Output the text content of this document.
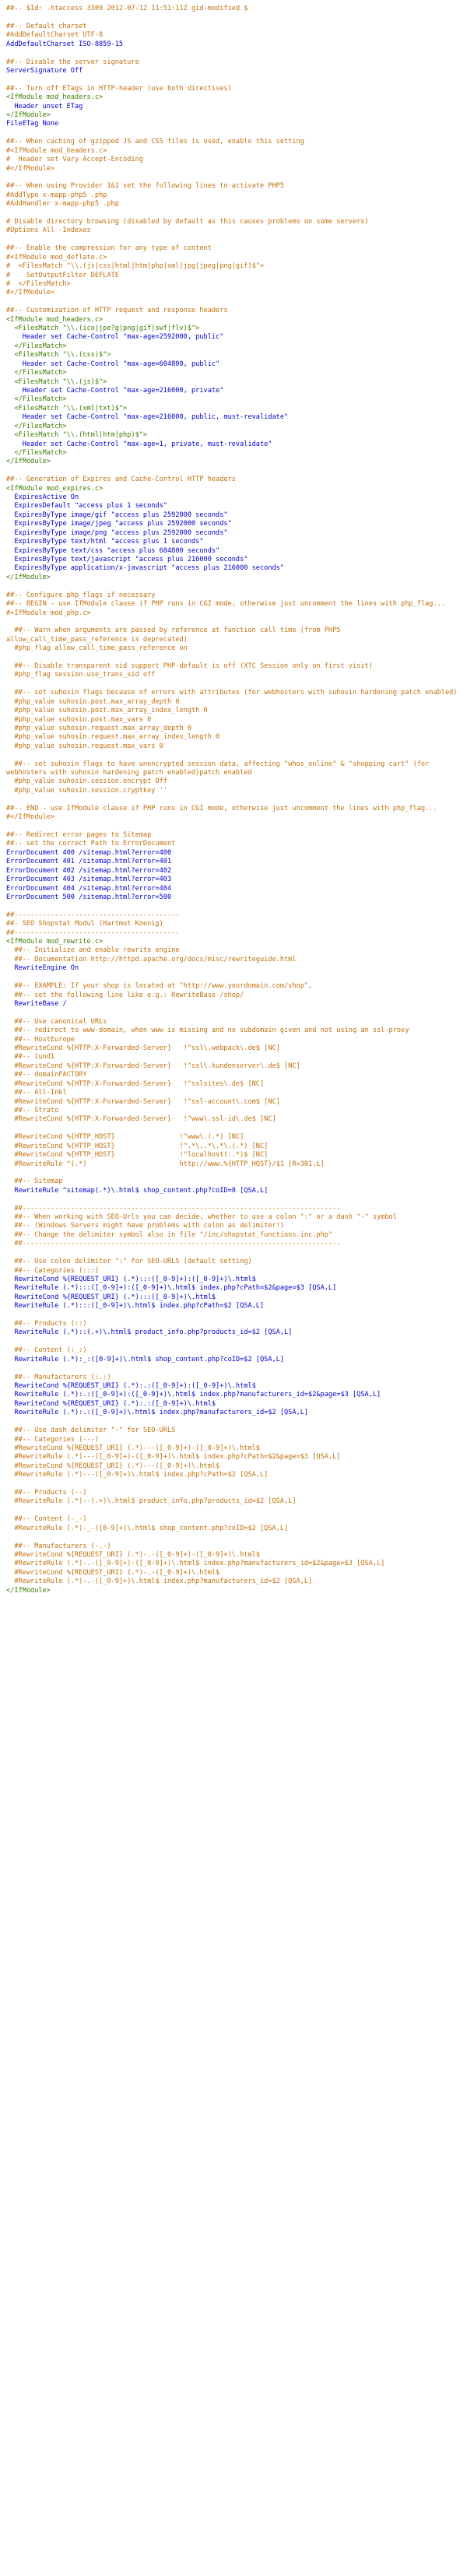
##-- $Id: .htaccess 3309 2012-07-12 11:51:11Z gid-modified $
##-- Default charset
#AddDefaultCharset UTF-8
AddDefaultCharset ISO-8859-15
##-- Disable the server signature
ServerSignature Off
##-- Turn off ETags in HTTP-header (use both directives)
<IfModule mod_headers.c>
Header unset ETag
</IfModule>
FileETag None
##-- When caching of gzipped JS and CSS files is used, enable this setting
#<IfModule mod_headers.c>
#  Header set Vary Accept-Encoding
#</IfModule>
##-- When using Provider 1&1 set the following lines to activate PHP5
#AddType x-mapp-php5 .php
#AddHandler x-mapp-php5 .php
# Disable directory browsing (disabled by default as this causes problems on some servers)
#Options All -Indexes
##-- Enable the compression for any type of content
#<IfModule mod_deflate.c>
#  <FilesMatch "\\.(js|css|html|htm|php|xml|jpg|jpeg|png|gif)$">
#    SetOutputFilter DEFLATE
#  </FilesMatch>
#</IfModule>
##-- Customization of HTTP request and response headers
<IfModule mod_headers.c>
<FilesMatch "\\.(ico|jpe?g|png|gif|swf|flv)$">
Header set Cache-Control "max-age=2592000, public"
</FilesMatch>
<FilesMatch "\\.(css)$">
Header set Cache-Control "max-age=604800, public"
</FilesMatch>
<FilesMatch "\\.(js)$">
Header set Cache-Control "max-age=216000, private"
</FilesMatch>
<FilesMatch "\\.(xml|txt)$">
Header set Cache-Control "max-age=216000, public, must-revalidate"
</FilesMatch>
<FilesMatch "\\.(html|htm|php)$">
Header set Cache-Control "max-age=1, private, must-revalidate"
</FilesMatch>
</IfModule>
##-- Generation of Expires and Cache-Control HTTP headers
<IfModule mod_expires.c>
ExpiresActive On
ExpiresDefault "access plus 1 seconds"
ExpiresByType image/gif "access plus 2592000 seconds"
ExpiresByType image/jpeg "access plus 2592000 seconds"
ExpiresByType image/png "access plus 2592000 seconds"
ExpiresByType text/html "access plus 1 seconds"
ExpiresByType text/css "access plus 604800 seconds"
ExpiresByType text/javascript "access plus 216000 seconds"
ExpiresByType application/x-javascript "access plus 216000 seconds"
</IfModule>
##-- Configure php_flags if necessary
##-- BEGIN - use IfModule clause if PHP runs in CGI mode, otherwise just uncomment the lines with php_flag...
#<IfModule mod_php.c>
##-- Warn when arguments are passed by reference at function call time (from PHP5 allow_call_time_pass_reference is deprecated)
#php_flag allow_call_time_pass_reference on
##-- Disable transparent sid support PHP-default is off (XTC Session only on first visit)
#php_flag session.use_trans_sid off
##-- set suhosin flags because of errors with attributes (for webhosters with suhosin hardening patch enabled)
#php_value suhosin.post.max_array_depth 0
#php_value suhosin.post.max_array_index_length 0
#php_value suhosin.post.max_vars 0
#php_value suhosin.request.max_array_depth 0
#php_value suhosin.request.max_array_index_length 0
#php_value suhosin.request.max_vars 0
##-- set suhosin flags to have unencrypted session data, affecting "whos_online" & "shopping cart" (for webhosters with suhosin hardening patch enabled)patch enabled
#php_value suhosin.session.encrypt Off
#php_value suhosin.session.cryptkey ''
##-- END - use IfModule clause if PHP runs in CGI mode, otherwise just uncomment the lines with php_flag...
#</IfModule>
##-- Redirect error pages to Sitemap
##-- set the correct Path to ErrorDocument
ErrorDocument 400 /sitemap.html?error=400
ErrorDocument 401 /sitemap.html?error=401
ErrorDocument 402 /sitemap.html?error=402
ErrorDocument 403 /sitemap.html?error=403
ErrorDocument 404 /sitemap.html?error=404
ErrorDocument 500 /sitemap.html?error=500
##-----------------------------------------
##- SEO Shopstat Modul (Hartmut Koenig)
##-----------------------------------------
<IfModule mod_rewrite.c>
##-- Initialize and enable rewrite engine
##-- Documentation http://httpd.apache.org/docs/misc/rewriteguide.html
RewriteEngine On
##-- EXAMPLE: If your shop is located at "http://www.yourdomain.com/shop",
##-- set the following line like e.g.: RewriteBase /shop/
RewriteBase /
##-- Use canonical URLs
##-- redirect to www-domain, when www is missing and no subdomain given and not using an ssl-proxy
##-- HostEurope
#RewriteCond %{HTTP:X-Forwarded-Server}   !^ssl\.webpack\.de$ [NC]
##-- 1und1
#RewriteCond %{HTTP:X-Forwarded-Server}   !^ssl\.kundenserver\.de$ [NC]
##-- domainFACTORY
#RewriteCond %{HTTP:X-Forwarded-Server}   !^sslsites\.de$ [NC]
##-- All-Inkl
#RewriteCond %{HTTP:X-Forwarded-Server}   !^ssl-account\.com$ [NC]
##-- Strato
#RewriteCond %{HTTP:X-Forwarded-Server}   !^www\.ssl-id\.de$ [NC]
#RewriteCond %{HTTP_HOST}                !^www\.(.*) [NC]
#RewriteCond %{HTTP_HOST}                !^.*\..*\.*\.(.*) [NC]
#RewriteCond %{HTTP_HOST}                !^localhost(:.*)$ [NC]
#RewriteRule ^(.*)                       http://www.%{HTTP_HOST}/$1 [R=301,L]
##-- Sitemap
RewriteRule ^sitemap(.*)\.html$ shop_content.php?coID=8 [QSA,L]
##-------------------------------------------------------------------------------
##-- When working with SEO-Urls you can decide, whether to use a colon ":" or a dash "-" symbol
##-- (Windows Servers might have problems with colon as delimiter!)
##-- Change the delimiter symbol also in file "/inc/shopstat_functions.inc.php"
##-------------------------------------------------------------------------------
##-- Use colon delimiter ":" for SEO-URLS (default setting)
##-- Categories (:::)
RewriteCond %{REQUEST_URI} (.*):::([_0-9]+):([_0-9]+)\.html$
RewriteRule (.*):::([_0-9]+):([_0-9]+)\.html$ index.php?cPath=$2&page=$3 [QSA,L]
RewriteCond %{REQUEST_URI} (.*):::([_0-9]+)\.html$
RewriteRule (.*):::([_0-9]+)\.html$ index.php?cPath=$2 [QSA,L]
##-- Products (::)
RewriteRule (.*)::(.+)\.html$ product_info.php?products_id=$2 [QSA,L]
##-- Content (:_:)
RewriteRule (.*):_:([0-9]+)\.html$ shop_content.php?coID=$2 [QSA,L]
##-- Manufacturers (:.:)
RewriteCond %{REQUEST_URI} (.*):.:([_0-9]+):([_0-9]+)\.html$
RewriteRule (.*):.:([_0-9]+):([_0-9]+)\.html$ index.php?manufacturers_id=$2&page=$3 [QSA,L]
RewriteCond %{REQUEST_URI} (.*):.:([_0-9]+)\.html$
RewriteRule (.*):.:([_0-9]+)\.html$ index.php?manufacturers_id=$2 [QSA,L]
##-- Use dash delimiter "-" for SEO-URLS
##-- Categories (---)
#RewriteCond %{REQUEST_URI} (.*)---([_0-9]+)-([_0-9]+)\.html$
#RewriteRule (.*)---([_0-9]+)-([_0-9]+)\.html$ index.php?cPath=$2&page=$3 [QSA,L]
#RewriteCond %{REQUEST_URI} (.*)---([_0-9]+)\.html$
#RewriteRule (.*)---([_0-9]+)\.html$ index.php?cPath=$2 [QSA,L]
##-- Products (--)
#RewriteRule (.*)--(.+)\.html$ product_info.php?products_id=$2 [QSA,L]
##-- Content (-_-)
#RewriteRule (.*)-_-([0-9]+)\.html$ shop_content.php?coID=$2 [QSA,L]
##-- Manufacturers (-.-)
#RewriteCond %{REQUEST_URI} (.*)-.-([_0-9]+)-([_0-9]+)\.html$
#RewriteRule (.*)-.-([_0-9]+)-([_0-9]+)\.html$ index.php?manufacturers_id=$2&page=$3 [QSA,L]
#RewriteCond %{REQUEST_URI} (.*)-.-([_0-9]+)\.html$
#RewriteRule (.*)-.-([_0-9]+)\.html$ index.php?manufacturers_id=$2 [QSA,L]
</IfModule>
